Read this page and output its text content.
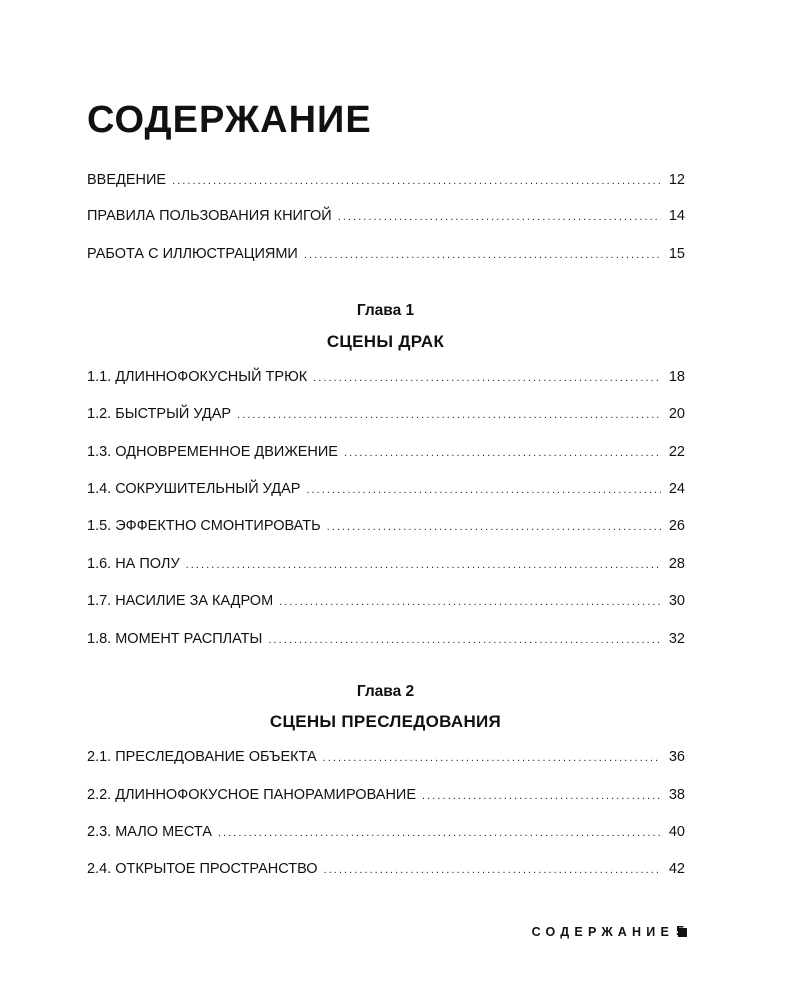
СОДЕРЖАНИЕ
ВВЕДЕНИЕ . . .	12
ПРАВИЛА ПОЛЬЗОВАНИЯ КНИГОЙ . . .	14
РАБОТА С ИЛЛЮСТРАЦИЯМИ . . .	15
Глава 1
СЦЕНЫ ДРАК
1.1. ДЛИННОФОКУСНЫЙ ТРЮК . . .	18
1.2. БЫСТРЫЙ УДАР . . .	20
1.3. ОДНОВРЕМЕННОЕ ДВИЖЕНИЕ . . .	22
1.4. СОКРУШИТЕЛЬНЫЙ УДАР . . .	24
1.5. ЭФФЕКТНО СМОНТИРОВАТЬ . . .	26
1.6. НА ПОЛУ . . .	28
1.7. НАСИЛИЕ ЗА КАДРОМ . . .	30
1.8. МОМЕНТ РАСПЛАТЫ . . .	32
Глава 2
СЦЕНЫ ПРЕСЛЕДОВАНИЯ
2.1. ПРЕСЛЕДОВАНИЕ ОБЪЕКТА . . .	36
2.2. ДЛИННОФОКУСНОЕ ПАНОРАМИРОВАНИЕ . . .	38
2.3. МАЛО МЕСТА . . .	40
2.4. ОТКРЫТОЕ ПРОСТРАНСТВО . . .	42
СОДЕРЖАНИЕ 5
